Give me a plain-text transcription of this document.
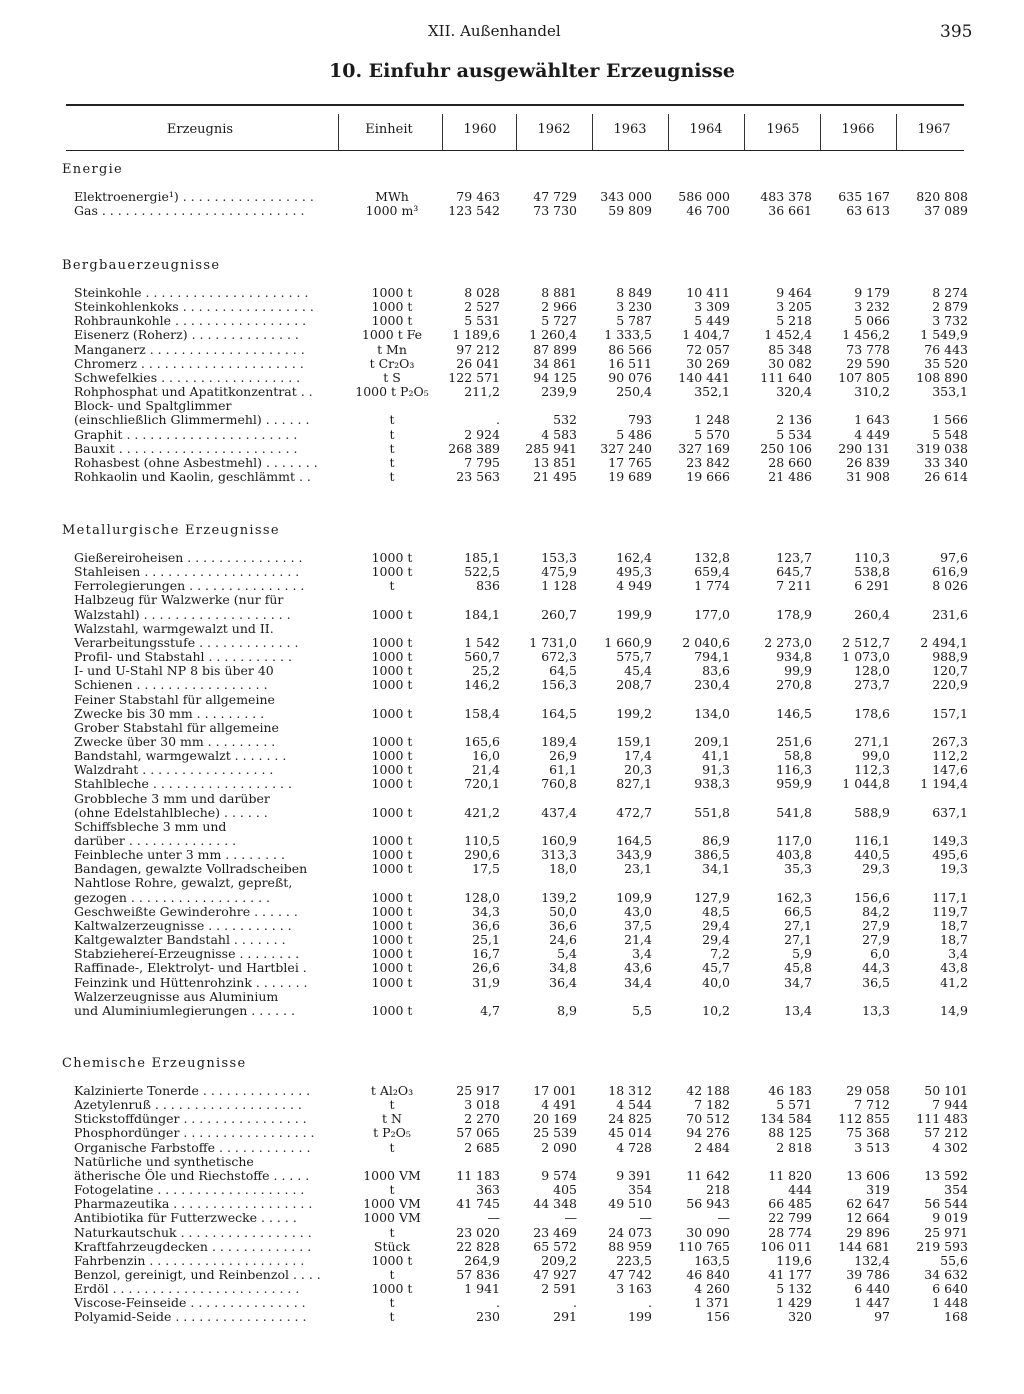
XII. Außenhandel	395
10. Einfuhr ausgewählter Erzeugnisse
Erzeugnis	Einheit	1960	1962	1963	1964	1965	1966	1967
Energie
Elektroenergie¹) . . . . . . . . . . . . . . . . .	MWh	79 463	47 729	343 000	586 000	483 378	635 167	820 808
Gas . . . . . . . . . . . . . . . . . . . . . . . . . .	1000 m³	123 542	73 730	59 809	46 700	36 661	63 613	37 089
Bergbauerzeugnisse
Steinkohle . . . . . . . . . . . . . . . . . . . . .	1000 t	8 028	8 881	8 849	10 411	9 464	9 179	8 274
Steinkohlenkoks . . . . . . . . . . . . . . . . .	1000 t	2 527	2 966	3 230	3 309	3 205	3 232	2 879
Rohbraunkohle . . . . . . . . . . . . . . . . .	1000 t	5 531	5 727	5 787	5 449	5 218	5 066	3 732
Eisenerz (Roherz) . . . . . . . . . . . . . .	1000 t Fe	1 189,6	1 260,4	1 333,5	1 404,7	1 452,4	1 456,2	1 549,9
Manganerz . . . . . . . . . . . . . . . . . . . .	t Mn	97 212	87 899	86 566	72 057	85 348	73 778	76 443
Chromerz . . . . . . . . . . . . . . . . . . . . .	t Cr₂O₃	26 041	34 861	16 511	30 269	30 082	29 590	35 520
Schwefelkies . . . . . . . . . . . . . . . . . .	t S	122 571	94 125	90 076	140 441	111 640	107 805	108 890
Rohphosphat und Apatitkonzentrat . .	1000 t P₂O₅	211,2	239,9	250,4	352,1	320,4	310,2	353,1
Block- und Spaltglimmer
(einschließlich Glimmermehl) . . . . . .	t	.	532	793	1 248	2 136	1 643	1 566
Graphit . . . . . . . . . . . . . . . . . . . . . .	t	2 924	4 583	5 486	5 570	5 534	4 449	5 548
Bauxit . . . . . . . . . . . . . . . . . . . . . . .	t	268 389	285 941	327 240	327 169	250 106	290 131	319 038
Rohasbest (ohne Asbestmehl) . . . . . . .	t	7 795	13 851	17 765	23 842	28 660	26 839	33 340
Rohkaolin und Kaolin, geschlämmt . .	t	23 563	21 495	19 689	19 666	21 486	31 908	26 614
Metallurgische Erzeugnisse
Gießereiroheisen . . . . . . . . . . . . . . .	1000 t	185,1	153,3	162,4	132,8	123,7	110,3	97,6
Stahleisen . . . . . . . . . . . . . . . . . . . .	1000 t	522,5	475,9	495,3	659,4	645,7	538,8	616,9
Ferrolegierungen . . . . . . . . . . . . . . .	t	836	1 128	4 949	1 774	7 211	6 291	8 026
Halbzeug für Walzwerke (nur für
Walzstahl) . . . . . . . . . . . . . . . . . . .	1000 t	184,1	260,7	199,9	177,0	178,9	260,4	231,6
Walzstahl, warmgewalzt und II.
Verarbeitungsstufe . . . . . . . . . . . . .	1000 t	1 542	1 731,0	1 660,9	2 040,6	2 273,0	2 512,7	2 494,1
Profil- und Stabstahl . . . . . . . . . . .	1000 t	560,7	672,3	575,7	794,1	934,8	1 073,0	988,9
I- und U-Stahl NP 8 bis über 40	1000 t	25,2	64,5	45,4	83,6	99,9	128,0	120,7
Schienen . . . . . . . . . . . . . . . . .	1000 t	146,2	156,3	208,7	230,4	270,8	273,7	220,9
Feiner Stabstahl für allgemeine
Zwecke bis 30 mm . . . . . . . . .	1000 t	158,4	164,5	199,2	134,0	146,5	178,6	157,1
Grober Stabstahl für allgemeine
Zwecke über 30 mm . . . . . . . . .	1000 t	165,6	189,4	159,1	209,1	251,6	271,1	267,3
Bandstahl, warmgewalzt . . . . . . .	1000 t	16,0	26,9	17,4	41,1	58,8	99,0	112,2
Walzdraht . . . . . . . . . . . . . . . . .	1000 t	21,4	61,1	20,3	91,3	116,3	112,3	147,6
Stahlbleche . . . . . . . . . . . . . . . . . .	1000 t	720,1	760,8	827,1	938,3	959,9	1 044,8	1 194,4
Grobbleche 3 mm und darüber
(ohne Edelstahlbleche) . . . . . .	1000 t	421,2	437,4	472,7	551,8	541,8	588,9	637,1
Schiffsbleche 3 mm und
darüber . . . . . . . . . . . . . .	1000 t	110,5	160,9	164,5	86,9	117,0	116,1	149,3
Feinbleche unter 3 mm . . . . . . . .	1000 t	290,6	313,3	343,9	386,5	403,8	440,5	495,6
Bandagen, gewalzte Vollradscheiben	1000 t	17,5	18,0	23,1	34,1	35,3	29,3	19,3
Nahtlose Rohre, gewalzt, gepreßt,
gezogen . . . . . . . . . . . . . . . . . .	1000 t	128,0	139,2	109,9	127,9	162,3	156,6	117,1
Geschweißte Gewinderohre . . . . . .	1000 t	34,3	50,0	43,0	48,5	66,5	84,2	119,7
Kaltwalzerzeugnisse . . . . . . . . . . .	1000 t	36,6	36,6	37,5	29,4	27,1	27,9	18,7
Kaltgewalzter Bandstahl . . . . . . .	1000 t	25,1	24,6	21,4	29,4	27,1	27,9	18,7
Stabziehereí-Erzeugnisse . . . . . . . .	1000 t	16,7	5,4	3,4	7,2	5,9	6,0	3,4
Raffinade-, Elektrolyt- und Hartblei .	1000 t	26,6	34,8	43,6	45,7	45,8	44,3	43,8
Feinzink und Hüttenrohzink . . . . . . .	1000 t	31,9	36,4	34,4	40,0	34,7	36,5	41,2
Walzerzeugnisse aus Aluminium
und Aluminiumlegierungen . . . . . .	1000 t	4,7	8,9	5,5	10,2	13,4	13,3	14,9
Chemische Erzeugnisse
Kalzinierte Tonerde . . . . . . . . . . . . . .	t Al₂O₃	25 917	17 001	18 312	42 188	46 183	29 058	50 101
Azetylenruß . . . . . . . . . . . . . . . . . . .	t	3 018	4 491	4 544	7 182	5 571	7 712	7 944
Stickstoffdünger . . . . . . . . . . . . . . . .	t N	2 270	20 169	24 825	70 512	134 584	112 855	111 483
Phosphordünger . . . . . . . . . . . . . . . . .	t P₂O₅	57 065	25 539	45 014	94 276	88 125	75 368	57 212
Organische Farbstoffe . . . . . . . . . . . .	t	2 685	2 090	4 728	2 484	2 818	3 513	4 302
Natürliche und synthetische
ätherische Öle und Riechstoffe . . . . .	1000 VM	11 183	9 574	9 391	11 642	11 820	13 606	13 592
Fotogelatine . . . . . . . . . . . . . . . . . . .	t	363	405	354	218	444	319	354
Pharmazeutika . . . . . . . . . . . . . . . . . .	1000 VM	41 745	44 348	49 510	56 943	66 485	62 647	56 544
Antibiotika für Futterzwecke . . . . .	1000 VM	—	—	—	—	22 799	12 664	9 019
Naturkautschuk . . . . . . . . . . . . . . . . .	t	23 020	23 469	24 073	30 090	28 774	29 896	25 971
Kraftfahrzeugdecken . . . . . . . . . . . . .	Stück	22 828	65 572	88 959	110 765	106 011	144 681	219 593
Fahrbenzin . . . . . . . . . . . . . . . . . . . .	1000 t	264,9	209,2	223,5	163,5	119,6	132,4	55,6
Benzol, gereinigt, und Reinbenzol . . . .	t	57 836	47 927	47 742	46 840	41 177	39 786	34 632
Erdöl . . . . . . . . . . . . . . . . . . . . . . . .	1000 t	1 941	2 591	3 163	4 260	5 132	6 440	6 640
Viscose-Feinseide . . . . . . . . . . . . . . .	t	.	.	.	1 371	1 429	1 447	1 448
Polyamid-Seide . . . . . . . . . . . . . . . . .	t	230	291	199	156	320	97	168
